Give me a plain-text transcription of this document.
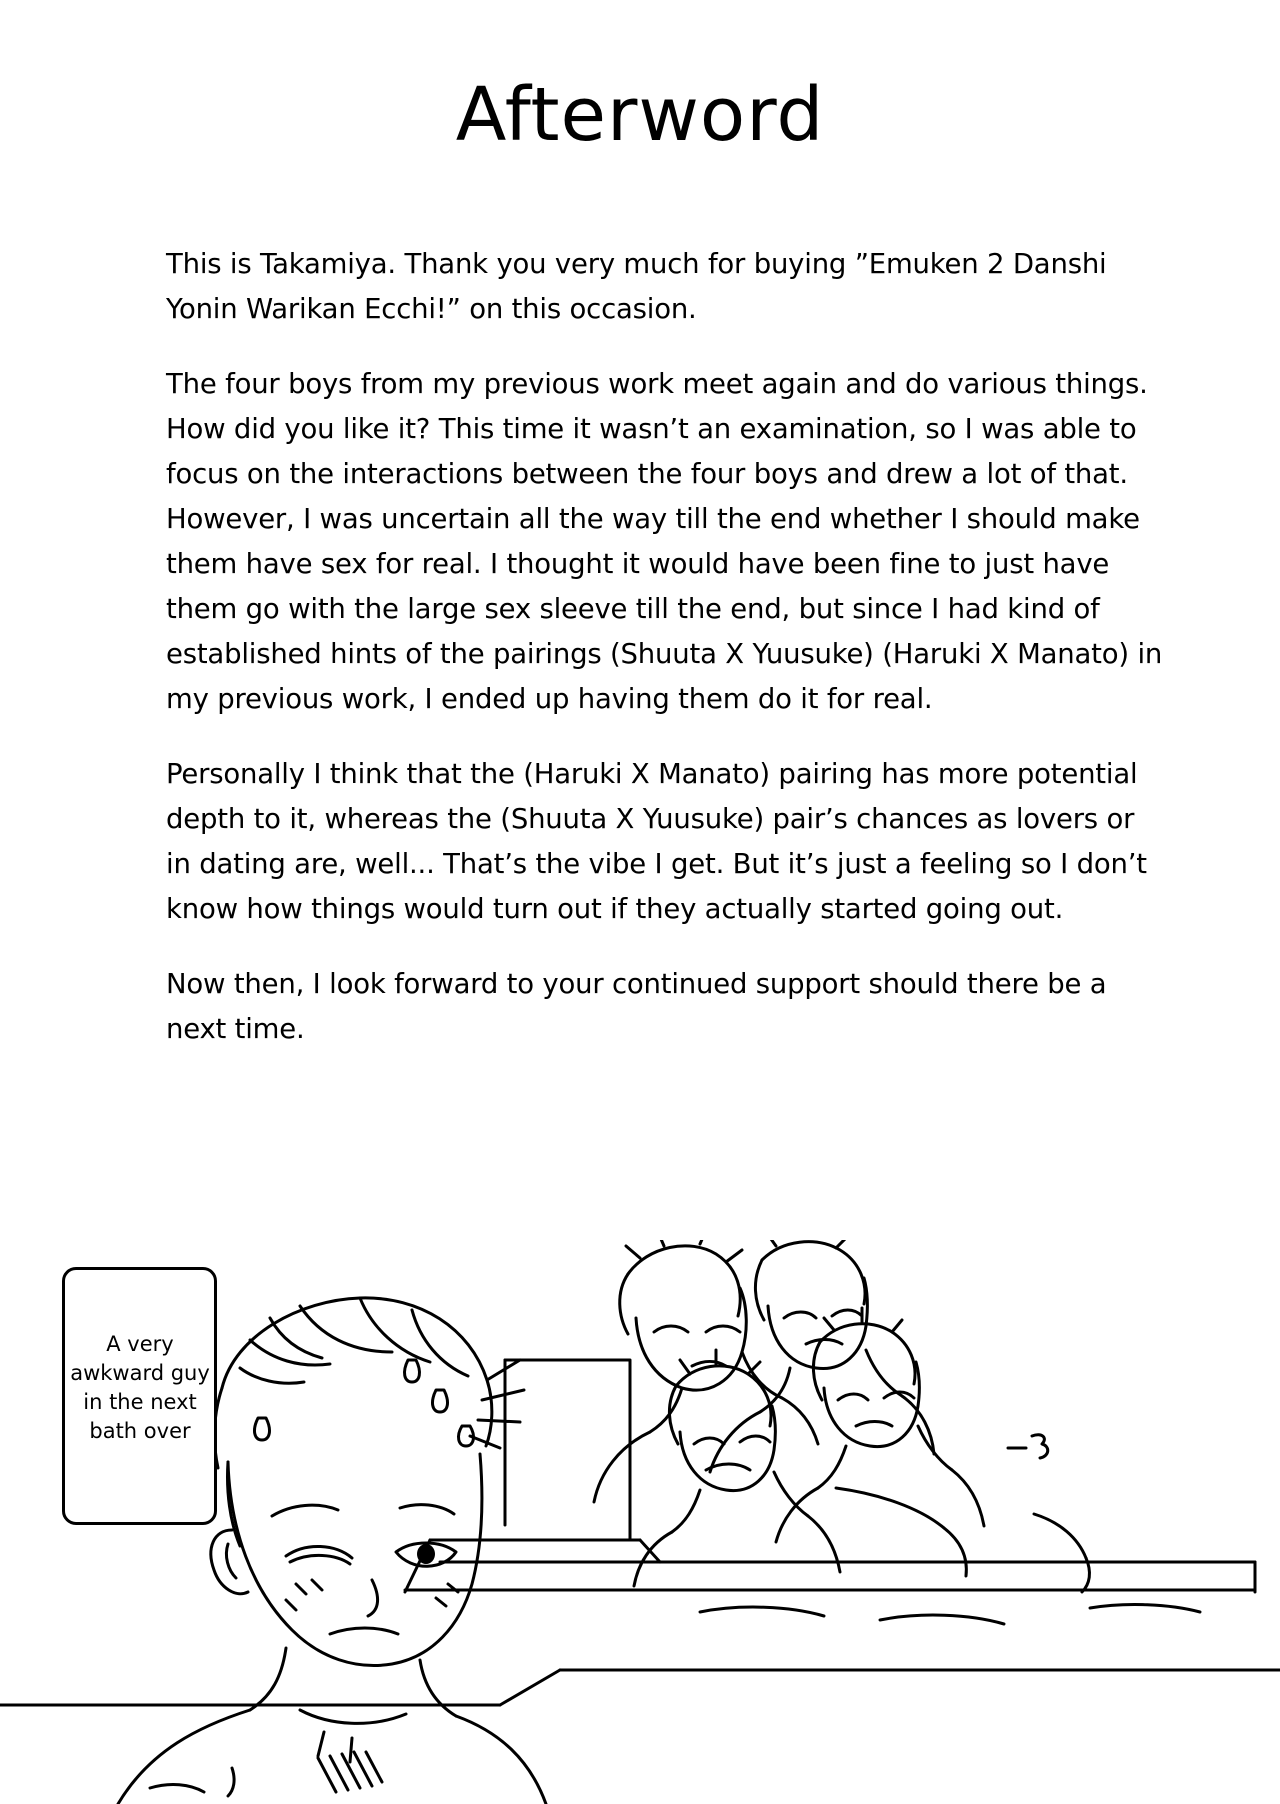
Afterword

This is Takamiya. Thank you very much for buying ”Emuken 2 Danshi Yonin Warikan Ecchi!” on this occasion.

The four boys from my previous work meet again and do various things. How did you like it? This time it wasn’t an examination, so I was able to focus on the interactions between the four boys and drew a lot of that. However, I was uncertain all the way till the end whether I should make them have sex for real. I thought it would have been fine to just have them go with the large sex sleeve till the end, but since I had kind of established hints of the pairings (Shuuta X Yuusuke) (Haruki X Manato) in my previous work, I ended up having them do it for real.

Personally I think that the (Haruki X Manato) pairing has more potential depth to it, whereas the (Shuuta X Yuusuke) pair’s chances as lovers or in dating are, well... That’s the vibe I get. But it’s just a feeling so I don’t know how things would turn out if they actually started going out.

Now then, I look forward to your continued support should there be a next time.

A very awkward guy in the next bath over
